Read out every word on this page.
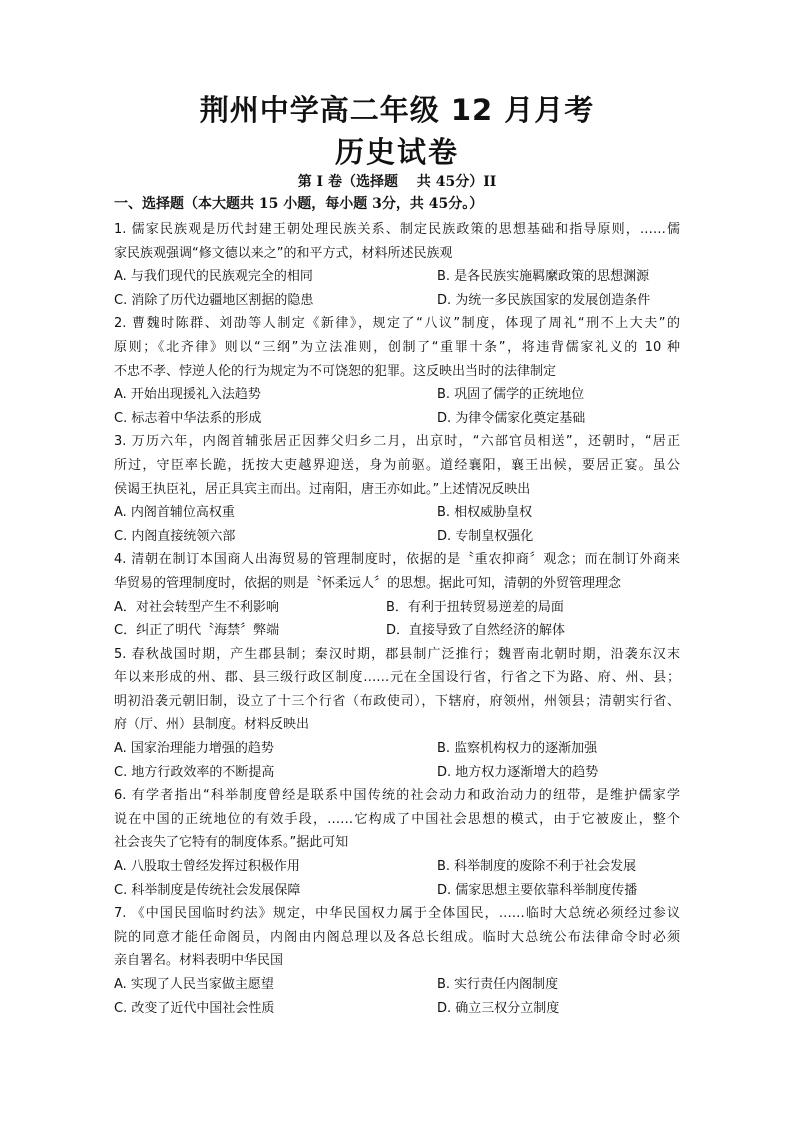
荆州中学高二年级 12 月月考
历史试卷
第 I 卷（选择题　 共 45分）II
一、选择题（本大题共 15 小题，每小题 3分，共 45分。）
1. 儒家民族观是历代封建王朝处理民族关系、制定民族政策的思想基础和指导原则，……儒
家民族观强调“修文德以来之”的和平方式，材料所述民族观
A. 与我们现代的民族观完全的相同	B. 是各民族实施羁縻政策的思想渊源
C. 消除了历代边疆地区割据的隐患	D. 为统一多民族国家的发展创造条件
2. 曹魏时陈群、刘劭等人制定《新律》，规定了“八议”制度，体现了周礼“刑不上大夫”的
原则；《北齐律》则以“三纲”为立法准则，创制了“重罪十条”，将违背儒家礼义的 10 种
不忠不孝、悖逆人伦的行为规定为不可饶恕的犯罪。这反映出当时的法律制定
A. 开始出现援礼入法趋势	B. 巩固了儒学的正统地位
C. 标志着中华法系的形成	D. 为律令儒家化奠定基础
3. 万历六年，内阁首辅张居正因葬父归乡二月，出京时，“六部官员相送”，还朝时，“居正
所过，守臣率长跪，抚按大吏越界迎送，身为前驱。道经襄阳，襄王出候，要居正宴。虽公
侯谒王执臣礼，居正具宾主而出。过南阳，唐王亦如此。”上述情况反映出
A. 内阁首辅位高权重	B. 相权威胁皇权
C. 内阁直接统领六部	D. 专制皇权强化
4. 清朝在制订本国商人出海贸易的管理制度时，依据的是〝重农抑商〞观念；而在制订外商来
华贸易的管理制度时，依据的则是〝怀柔远人〞的思想。据此可知，清朝的外贸管理理念
A．对社会转型产生不利影响	B．有利于扭转贸易逆差的局面
C．纠正了明代〝海禁〞弊端	D．直接导致了自然经济的解体
5. 春秋战国时期，产生郡县制；秦汉时期，郡县制广泛推行；魏晋南北朝时期，沿袭东汉末
年以来形成的州、郡、县三级行政区制度……元在全国设行省，行省之下为路、府、州、县；
明初沿袭元朝旧制，设立了十三个行省（布政使司），下辖府，府领州，州领县；清朝实行省、
府（厅、州）县制度。材料反映出
A. 国家治理能力增强的趋势	B. 监察机构权力的逐渐加强
C. 地方行政效率的不断提高	D. 地方权力逐渐增大的趋势
6. 有学者指出“科举制度曾经是联系中国传统的社会动力和政治动力的纽带，是维护儒家学
说在中国的正统地位的有效手段，……它构成了中国社会思想的模式，由于它被废止，整个
社会丧失了它特有的制度体系。”据此可知
A. 八股取士曾经发挥过积极作用	B. 科举制度的废除不利于社会发展
C. 科举制度是传统社会发展保障	D. 儒家思想主要依靠科举制度传播
7. 《中国民国临时约法》规定，中华民国权力属于全体国民，……临时大总统必须经过参议
院的同意才能任命阁员，内阁由内阁总理以及各总长组成。临时大总统公布法律命令时必须
亲自署名。材料表明中华民国
A. 实现了人民当家做主愿望	B. 实行责任内阁制度
C. 改变了近代中国社会性质	D. 确立三权分立制度
